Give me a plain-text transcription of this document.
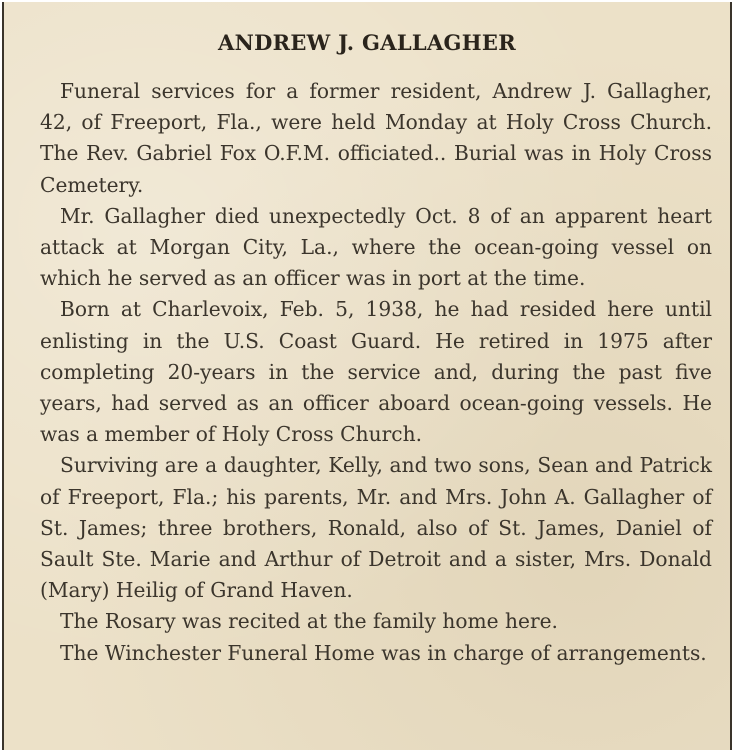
ANDREW J. GALLAGHER

Funeral services for a former resident, Andrew J. Gallagher, 42, of Freeport, Fla., were held Monday at Holy Cross Church. The Rev. Gabriel Fox O.F.M. officiated.. Burial was in Holy Cross Cemetery.

Mr. Gallagher died unexpectedly Oct. 8 of an apparent heart attack at Morgan City, La., where the ocean-going vessel on which he served as an officer was in port at the time.

Born at Charlevoix, Feb. 5, 1938, he had resided here until enlisting in the U.S. Coast Guard. He retired in 1975 after completing 20-years in the service and, during the past five years, had served as an officer aboard ocean-going vessels. He was a member of Holy Cross Church.

Surviving are a daughter, Kelly, and two sons, Sean and Patrick of Freeport, Fla.; his parents, Mr. and Mrs. John A. Gallagher of St. James; three brothers, Ronald, also of St. James, Daniel of Sault Ste. Marie and Arthur of Detroit and a sister, Mrs. Donald (Mary) Heilig of Grand Haven.

The Rosary was recited at the family home here.

The Winchester Funeral Home was in charge of arrangements.
